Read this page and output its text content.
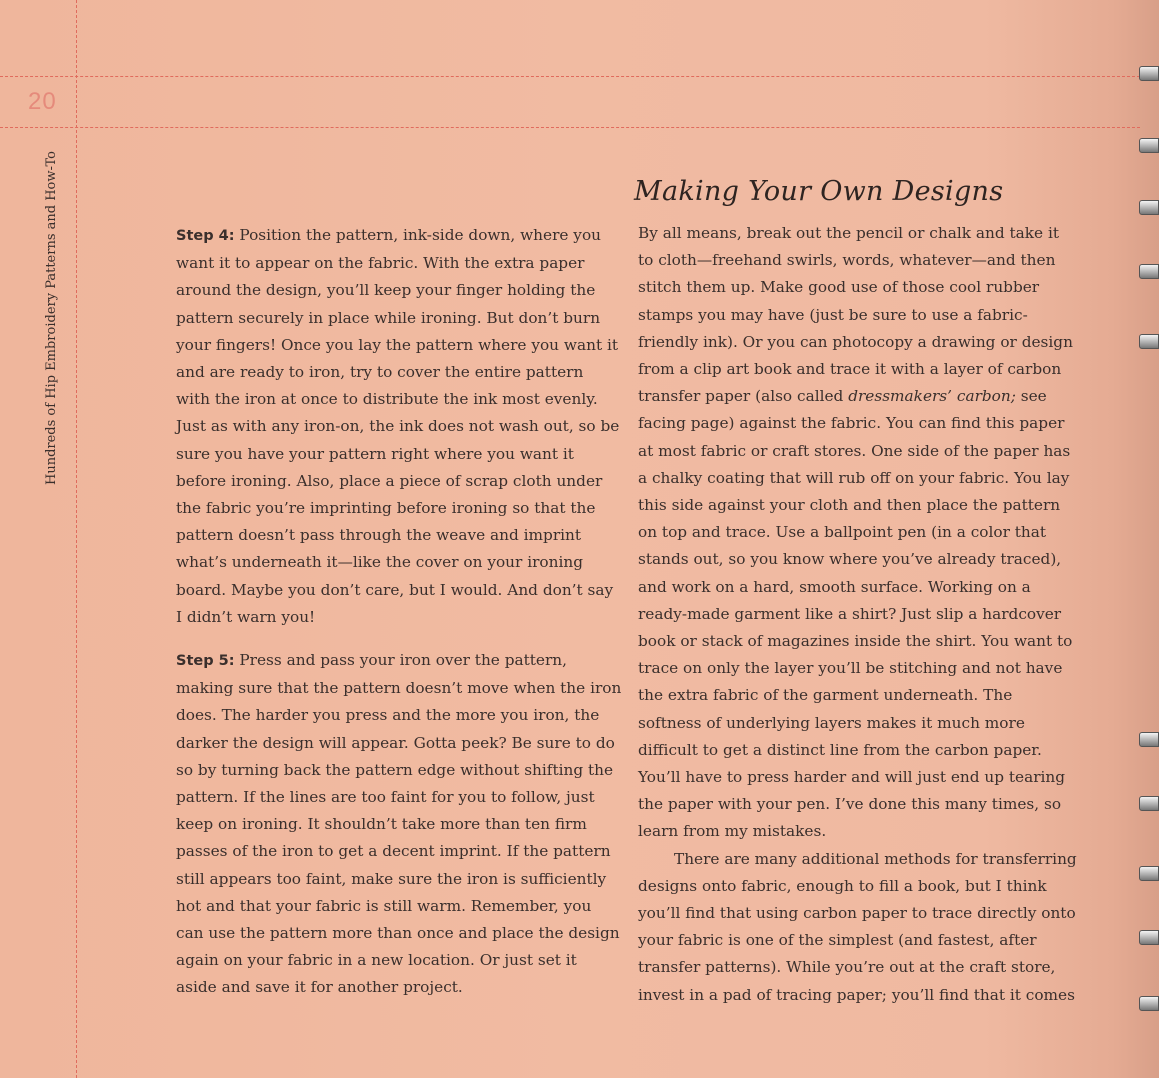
20
Hundreds of Hip Embroidery Patterns and How-To	Step 4: Position the pattern, ink-side down, where you want it to appear on the fabric. With the extra paper around the design, you’ll keep your finger holding the pattern securely in place while ironing. But don’t burn your fingers! Once you lay the pattern where you want it and are ready to iron, try to cover the entire pattern with the iron at once to distribute the ink most evenly. Just as with any iron-on, the ink does not wash out, so be sure you have your pattern right where you want it before ironing. Also, place a piece of scrap cloth under the fabric you’re imprinting before ironing so that the pattern doesn’t pass through the weave and imprint what’s underneath it—like the cover on your ironing board. Maybe you don’t care, but I would. And don’t say I didn’t warn you!

Step 5: Press and pass your iron over the pattern, making sure that the pattern doesn’t move when the iron does. The harder you press and the more you iron, the darker the design will appear. Gotta peek? Be sure to do so by turning back the pattern edge without shifting the pattern. If the lines are too faint for you to follow, just keep on ironing. It shouldn’t take more than ten firm passes of the iron to get a decent imprint. If the pattern still appears too faint, make sure the iron is sufficiently hot and that your fabric is still warm. Remember, you can use the pattern more than once and place the design again on your fabric in a new location. Or just set it aside and save it for another project.

Making Your Own Designs

By all means, break out the pencil or chalk and take it to cloth—freehand swirls, words, whatever—and then stitch them up. Make good use of those cool rubber stamps you may have (just be sure to use a fabric-friendly ink). Or you can photocopy a drawing or design from a clip art book and trace it with a layer of carbon transfer paper (also called dressmakers’ carbon; see facing page) against the fabric. You can find this paper at most fabric or craft stores. One side of the paper has a chalky coating that will rub off on your fabric. You lay this side against your cloth and then place the pattern on top and trace. Use a ballpoint pen (in a color that stands out, so you know where you’ve already traced), and work on a hard, smooth surface. Working on a ready-made garment like a shirt? Just slip a hardcover book or stack of magazines inside the shirt. You want to trace on only the layer you’ll be stitching and not have the extra fabric of the garment underneath. The softness of underlying layers makes it much more difficult to get a distinct line from the carbon paper. You’ll have to press harder and will just end up tearing the paper with your pen. I’ve done this many times, so learn from my mistakes.

There are many additional methods for transferring designs onto fabric, enough to fill a book, but I think you’ll find that using carbon paper to trace directly onto your fabric is one of the simplest (and fastest, after transfer patterns). While you’re out at the craft store, invest in a pad of tracing paper; you’ll find that it comes
